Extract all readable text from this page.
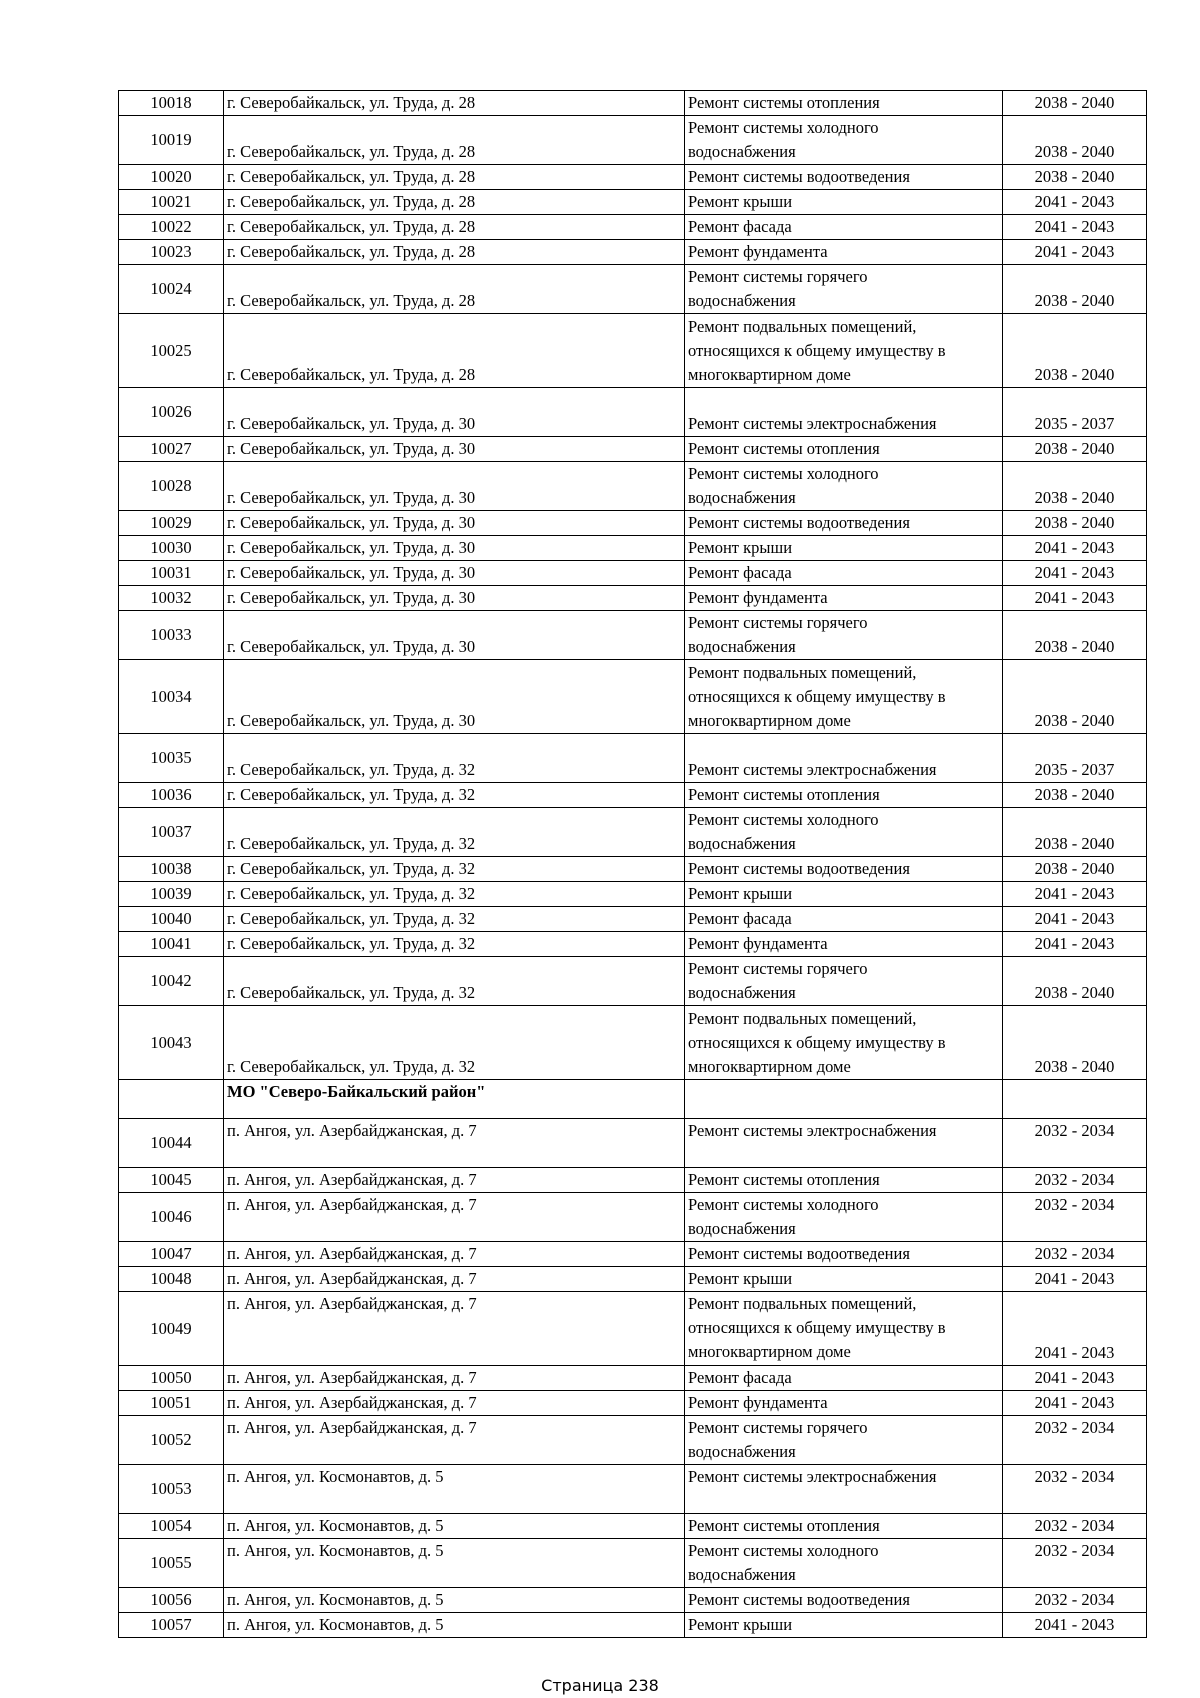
10018	г. Северобайкальск, ул. Труда, д. 28	Ремонт системы отопления	2038 - 2040
10019	г. Северобайкальск, ул. Труда, д. 28	Ремонт системы холодного
водоснабжения	2038 - 2040
10020	г. Северобайкальск, ул. Труда, д. 28	Ремонт системы водоотведения	2038 - 2040
10021	г. Северобайкальск, ул. Труда, д. 28	Ремонт крыши	2041 - 2043
10022	г. Северобайкальск, ул. Труда, д. 28	Ремонт фасада	2041 - 2043
10023	г. Северобайкальск, ул. Труда, д. 28	Ремонт фундамента	2041 - 2043
10024	г. Северобайкальск, ул. Труда, д. 28	Ремонт системы горячего
водоснабжения	2038 - 2040
10025	г. Северобайкальск, ул. Труда, д. 28	Ремонт подвальных помещений,
относящихся к общему имуществу в
многоквартирном доме	2038 - 2040
10026	г. Северобайкальск, ул. Труда, д. 30	Ремонт системы электроснабжения	2035 - 2037
10027	г. Северобайкальск, ул. Труда, д. 30	Ремонт системы отопления	2038 - 2040
10028	г. Северобайкальск, ул. Труда, д. 30	Ремонт системы холодного
водоснабжения	2038 - 2040
10029	г. Северобайкальск, ул. Труда, д. 30	Ремонт системы водоотведения	2038 - 2040
10030	г. Северобайкальск, ул. Труда, д. 30	Ремонт крыши	2041 - 2043
10031	г. Северобайкальск, ул. Труда, д. 30	Ремонт фасада	2041 - 2043
10032	г. Северобайкальск, ул. Труда, д. 30	Ремонт фундамента	2041 - 2043
10033	г. Северобайкальск, ул. Труда, д. 30	Ремонт системы горячего
водоснабжения	2038 - 2040
10034	г. Северобайкальск, ул. Труда, д. 30	Ремонт подвальных помещений,
относящихся к общему имуществу в
многоквартирном доме	2038 - 2040
10035	г. Северобайкальск, ул. Труда, д. 32	Ремонт системы электроснабжения	2035 - 2037
10036	г. Северобайкальск, ул. Труда, д. 32	Ремонт системы отопления	2038 - 2040
10037	г. Северобайкальск, ул. Труда, д. 32	Ремонт системы холодного
водоснабжения	2038 - 2040
10038	г. Северобайкальск, ул. Труда, д. 32	Ремонт системы водоотведения	2038 - 2040
10039	г. Северобайкальск, ул. Труда, д. 32	Ремонт крыши	2041 - 2043
10040	г. Северобайкальск, ул. Труда, д. 32	Ремонт фасада	2041 - 2043
10041	г. Северобайкальск, ул. Труда, д. 32	Ремонт фундамента	2041 - 2043
10042	г. Северобайкальск, ул. Труда, д. 32	Ремонт системы горячего
водоснабжения	2038 - 2040
10043	г. Северобайкальск, ул. Труда, д. 32	Ремонт подвальных помещений,
относящихся к общему имуществу в
многоквартирном доме	2038 - 2040
	МО "Северо-Байкальский район"		
10044	п. Ангоя, ул. Азербайджанская, д. 7	Ремонт системы электроснабжения	2032 - 2034
10045	п. Ангоя, ул. Азербайджанская, д. 7	Ремонт системы отопления	2032 - 2034
10046	п. Ангоя, ул. Азербайджанская, д. 7	Ремонт системы холодного
водоснабжения	2032 - 2034
10047	п. Ангоя, ул. Азербайджанская, д. 7	Ремонт системы водоотведения	2032 - 2034
10048	п. Ангоя, ул. Азербайджанская, д. 7	Ремонт крыши	2041 - 2043
10049	п. Ангоя, ул. Азербайджанская, д. 7	Ремонт подвальных помещений,
относящихся к общему имуществу в
многоквартирном доме	2041 - 2043
10050	п. Ангоя, ул. Азербайджанская, д. 7	Ремонт фасада	2041 - 2043
10051	п. Ангоя, ул. Азербайджанская, д. 7	Ремонт фундамента	2041 - 2043
10052	п. Ангоя, ул. Азербайджанская, д. 7	Ремонт системы горячего
водоснабжения	2032 - 2034
10053	п. Ангоя, ул. Космонавтов, д. 5	Ремонт системы электроснабжения	2032 - 2034
10054	п. Ангоя, ул. Космонавтов, д. 5	Ремонт системы отопления	2032 - 2034
10055	п. Ангоя, ул. Космонавтов, д. 5	Ремонт системы холодного
водоснабжения	2032 - 2034
10056	п. Ангоя, ул. Космонавтов, д. 5	Ремонт системы водоотведения	2032 - 2034
10057	п. Ангоя, ул. Космонавтов, д. 5	Ремонт крыши	2041 - 2043
Страница 238
